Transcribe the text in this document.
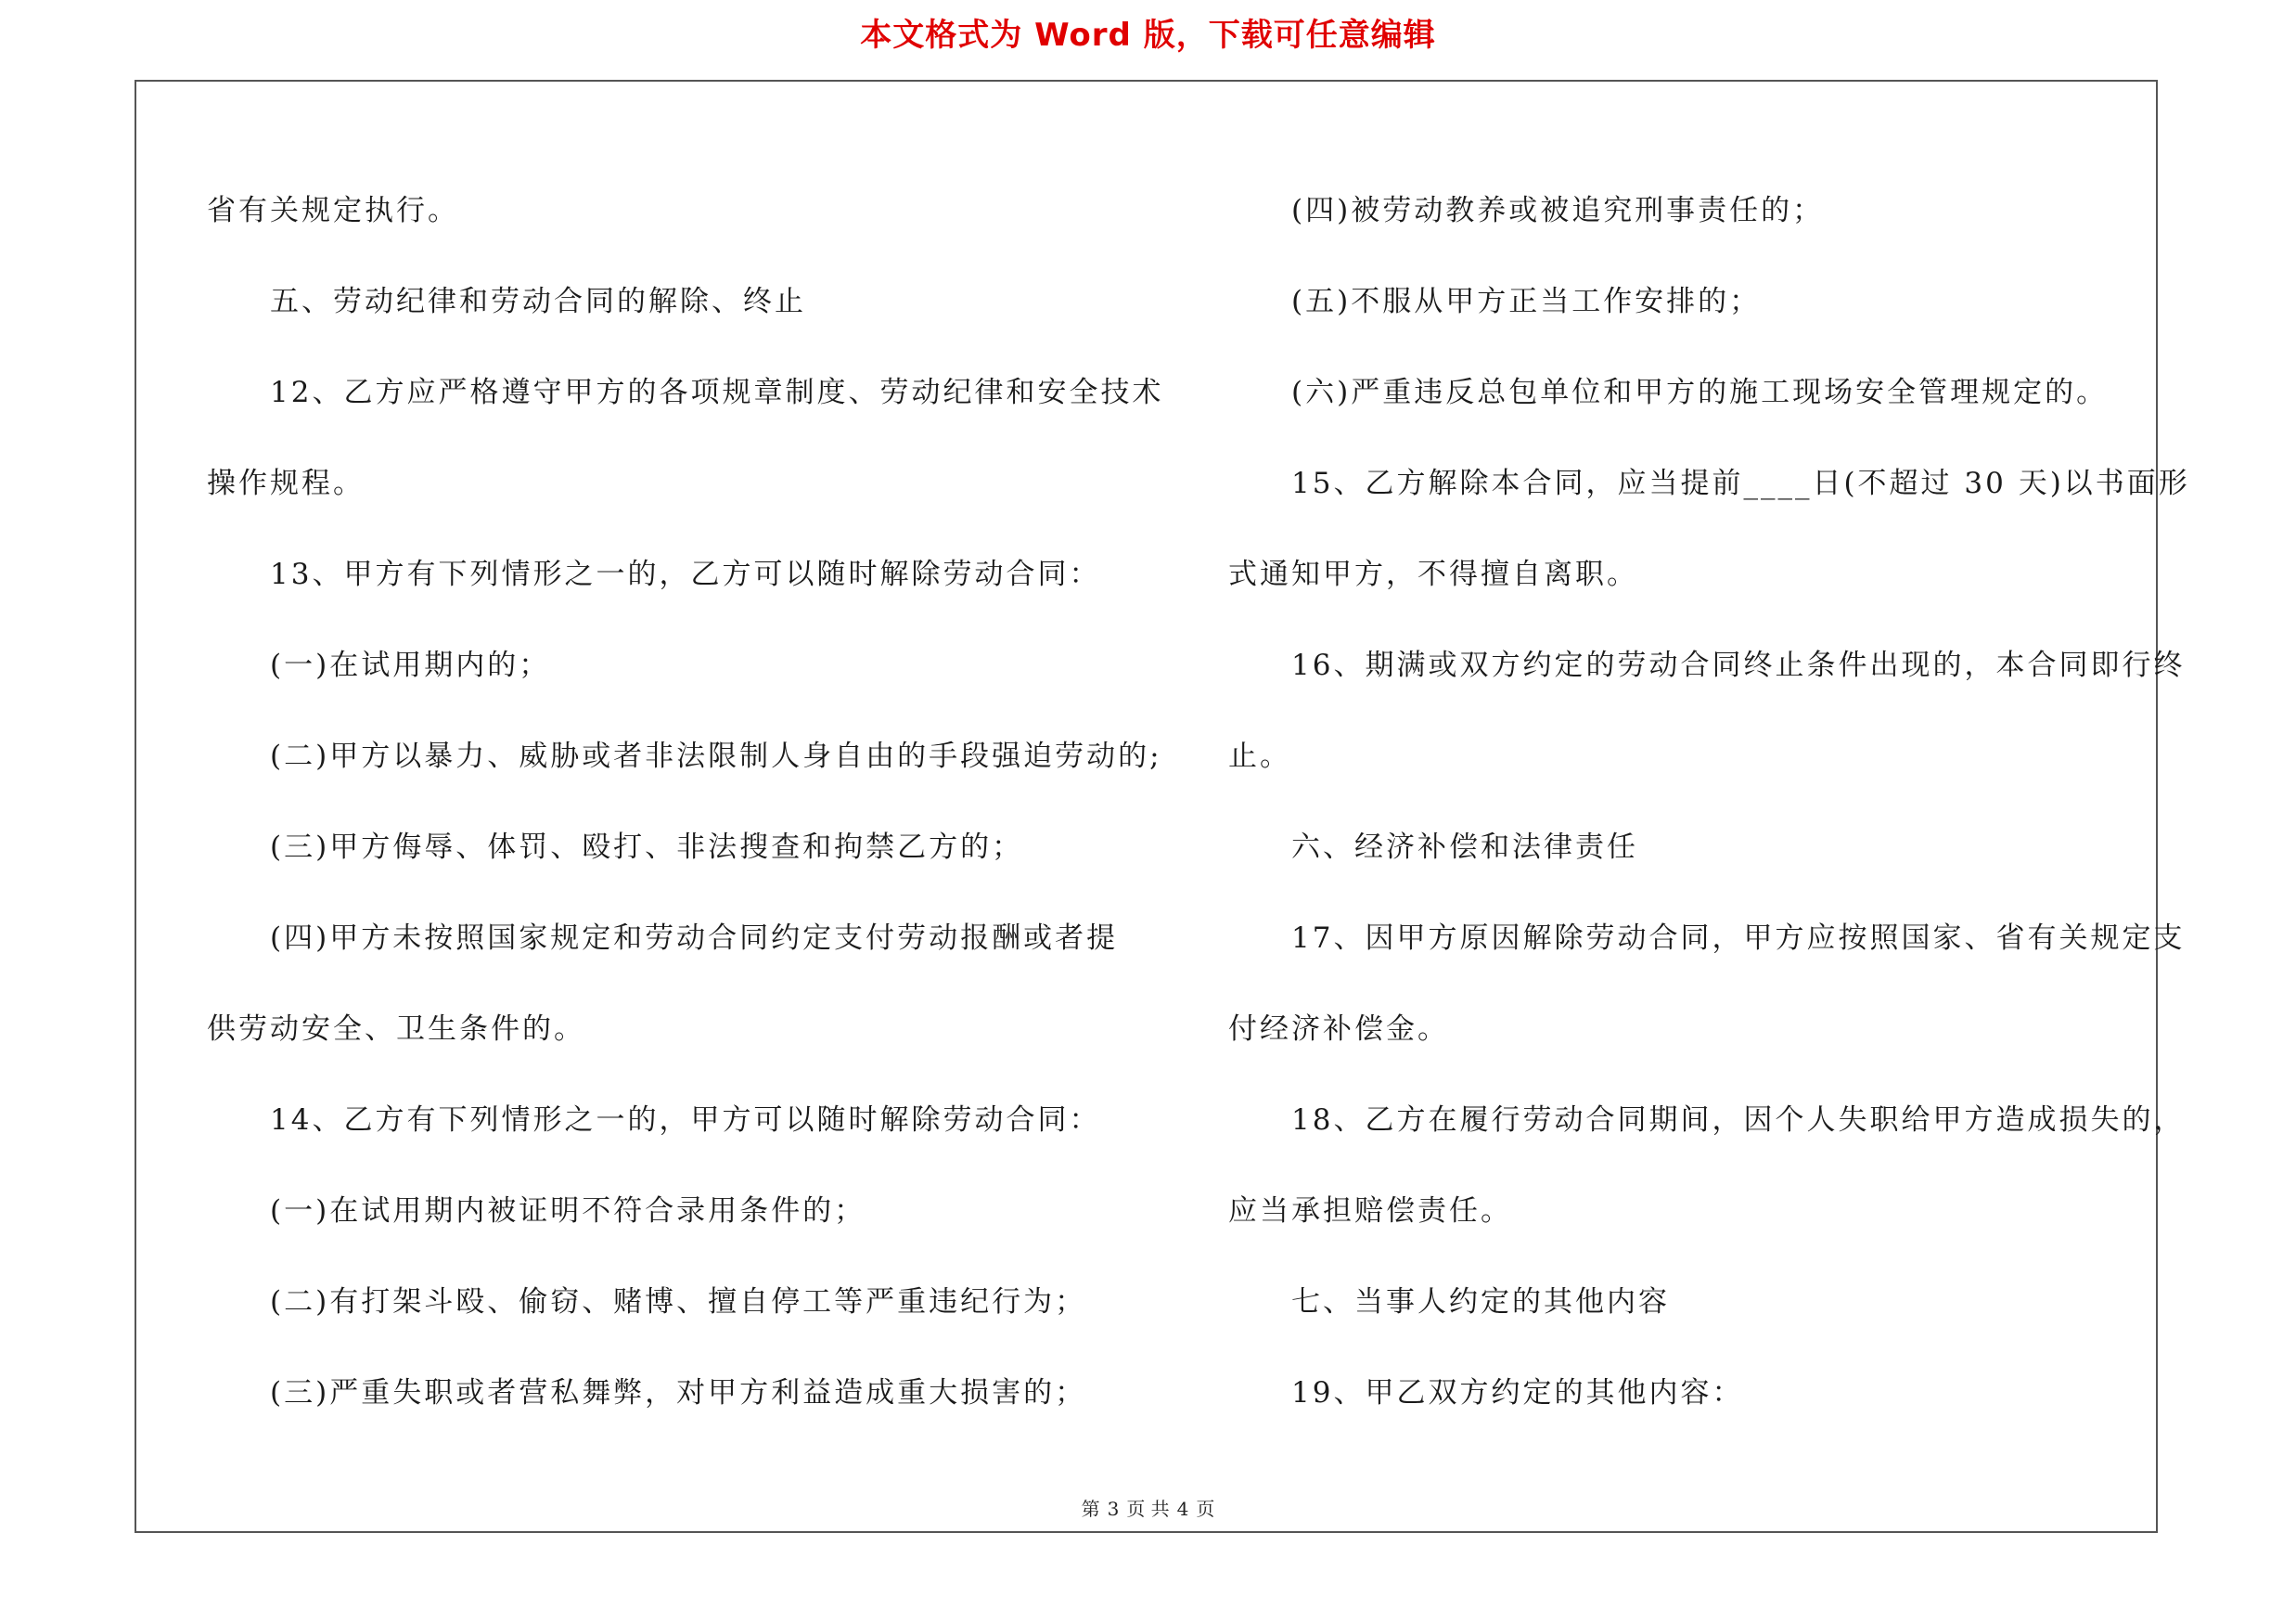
本文格式为 Word 版，下载可任意编辑
省有关规定执行。
五、劳动纪律和劳动合同的解除、终止
12、乙方应严格遵守甲方的各项规章制度、劳动纪律和安全技术
操作规程。
13、甲方有下列情形之一的，乙方可以随时解除劳动合同：
(一)在试用期内的；
(二)甲方以暴力、威胁或者非法限制人身自由的手段强迫劳动的;
(三)甲方侮辱、体罚、殴打、非法搜查和拘禁乙方的；
(四)甲方未按照国家规定和劳动合同约定支付劳动报酬或者提
供劳动安全、卫生条件的。
14、乙方有下列情形之一的，甲方可以随时解除劳动合同：
(一)在试用期内被证明不符合录用条件的；
(二)有打架斗殴、偷窃、赌博、擅自停工等严重违纪行为；
(三)严重失职或者营私舞弊，对甲方利益造成重大损害的；
(四)被劳动教养或被追究刑事责任的；
(五)不服从甲方正当工作安排的；
(六)严重违反总包单位和甲方的施工现场安全管理规定的。
15、乙方解除本合同，应当提前____日(不超过 30 天)以书面形
式通知甲方，不得擅自离职。
16、期满或双方约定的劳动合同终止条件出现的，本合同即行终
止。
六、经济补偿和法律责任
17、因甲方原因解除劳动合同，甲方应按照国家、省有关规定支
付经济补偿金。
18、乙方在履行劳动合同期间，因个人失职给甲方造成损失的，
应当承担赔偿责任。
七、当事人约定的其他内容
19、甲乙双方约定的其他内容：
第 3 页 共 4 页
